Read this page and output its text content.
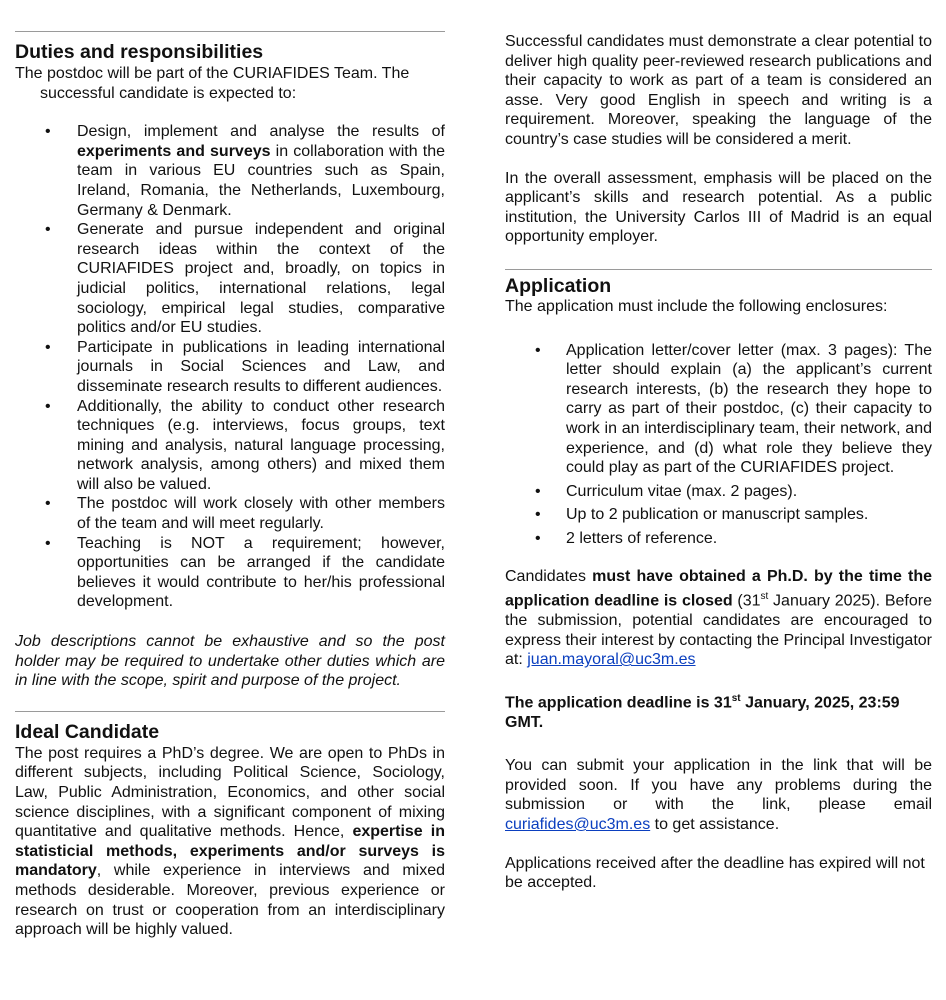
Duties and responsibilities

The postdoc will be part of the CURIAFIDES Team. The
successful candidate is expected to:

• Design, implement and analyse the results of experiments and surveys in collaboration with the team in various EU countries such as Spain, Ireland, Romania, the Netherlands, Luxembourg, Germany & Denmark.
• Generate and pursue independent and original research ideas within the context of the CURIAFIDES project and, broadly, on topics in judicial politics, international relations, legal sociology, empirical legal studies, comparative politics and/or EU studies.
• Participate in publications in leading international journals in Social Sciences and Law, and disseminate research results to different audiences.
• Additionally, the ability to conduct other research techniques (e.g. interviews, focus groups, text mining and analysis, natural language processing, network analysis, among others) and mixed them will also be valued.
• The postdoc will work closely with other members of the team and will meet regularly.
• Teaching is NOT a requirement; however, opportunities can be arranged if the candidate believes it would contribute to her/his professional development.

Job descriptions cannot be exhaustive and so the post holder may be required to undertake other duties which are in line with the scope, spirit and purpose of the project.

Ideal Candidate

The post requires a PhD’s degree. We are open to PhDs in different subjects, including Political Science, Sociology, Law, Public Administration, Economics, and other social science disciplines, with a significant component of mixing quantitative and qualitative methods. Hence, expertise in statisticial methods, experiments and/or surveys is mandatory, while experience in interviews and mixed methods desiderable. Moreover, previous experience or research on trust or cooperation from an interdisciplinary approach will be highly valued.

Successful candidates must demonstrate a clear potential to deliver high quality peer-reviewed research publications and their capacity to work as part of a team is considered an asse. Very good English in speech and writing is a requirement. Moreover, speaking the language of the country’s case studies will be considered a merit.

In the overall assessment, emphasis will be placed on the applicant’s skills and research potential. As a public institution, the University Carlos III of Madrid is an equal opportunity employer.

Application

The application must include the following enclosures:

• Application letter/cover letter (max. 3 pages): The letter should explain (a) the applicant’s current research interests, (b) the research they hope to carry as part of their postdoc, (c) their capacity to work in an interdisciplinary team, their network, and experience, and (d) what role they believe they could play as part of the CURIAFIDES project.
• Curriculum vitae (max. 2 pages).
• Up to 2 publication or manuscript samples.
• 2 letters of reference.

Candidates must have obtained a Ph.D. by the time the application deadline is closed (31st January 2025). Before the submission, potential candidates are encouraged to express their interest by contacting the Principal Investigator at: juan.mayoral@uc3m.es

The application deadline is 31st January, 2025, 23:59 GMT.

You can submit your application in the link that will be provided soon. If you have any problems during the submission or with the link, please email curiafides@uc3m.es to get assistance.

Applications received after the deadline has expired will not be accepted.
